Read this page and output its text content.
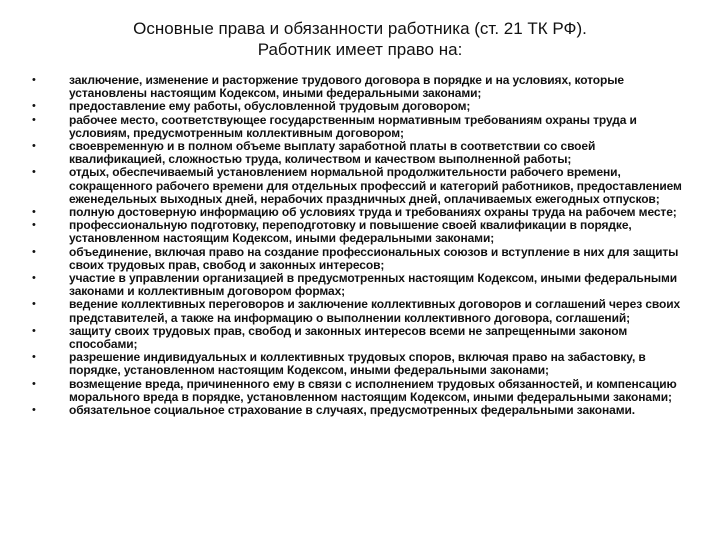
Основные права и обязанности работника (ст. 21 ТК РФ).
Работник имеет право на:
•	заключение, изменение и расторжение трудового договора в порядке и на условиях, которые установлены настоящим Кодексом, иными федеральными законами;
•	предоставление ему работы, обусловленной трудовым договором;
•	рабочее место, соответствующее государственным нормативным требованиям охраны труда и условиям, предусмотренным коллективным договором;
•	своевременную и в полном объеме выплату заработной платы в соответствии со своей квалификацией, сложностью труда, количеством и качеством выполненной работы;
•	отдых, обеспечиваемый установлением нормальной продолжительности рабочего времени, сокращенного рабочего времени для отдельных профессий и категорий работников, предоставлением еженедельных выходных дней, нерабочих праздничных дней, оплачиваемых ежегодных отпусков;
•	полную достоверную информацию об условиях труда и требованиях охраны труда на рабочем месте;
•	профессиональную подготовку, переподготовку и повышение своей квалификации в порядке, установленном настоящим Кодексом, иными федеральными законами;
•	объединение, включая право на создание профессиональных союзов и вступление в них для защиты своих трудовых прав, свобод и законных интересов;
•	участие в управлении организацией в предусмотренных настоящим Кодексом, иными федеральными законами и коллективным договором формах;
•	ведение коллективных переговоров и заключение коллективных договоров и соглашений через своих представителей, а также на информацию о выполнении коллективного договора, соглашений;
•	защиту своих трудовых прав, свобод и законных интересов всеми не запрещенными законом способами;
•	разрешение индивидуальных и коллективных трудовых споров, включая право на забастовку, в порядке, установленном настоящим Кодексом, иными федеральными законами;
•	возмещение вреда, причиненного ему в связи с исполнением трудовых обязанностей, и компенсацию морального вреда в порядке, установленном настоящим Кодексом, иными федеральными законами;
•	обязательное социальное страхование в случаях, предусмотренных федеральными законами.
